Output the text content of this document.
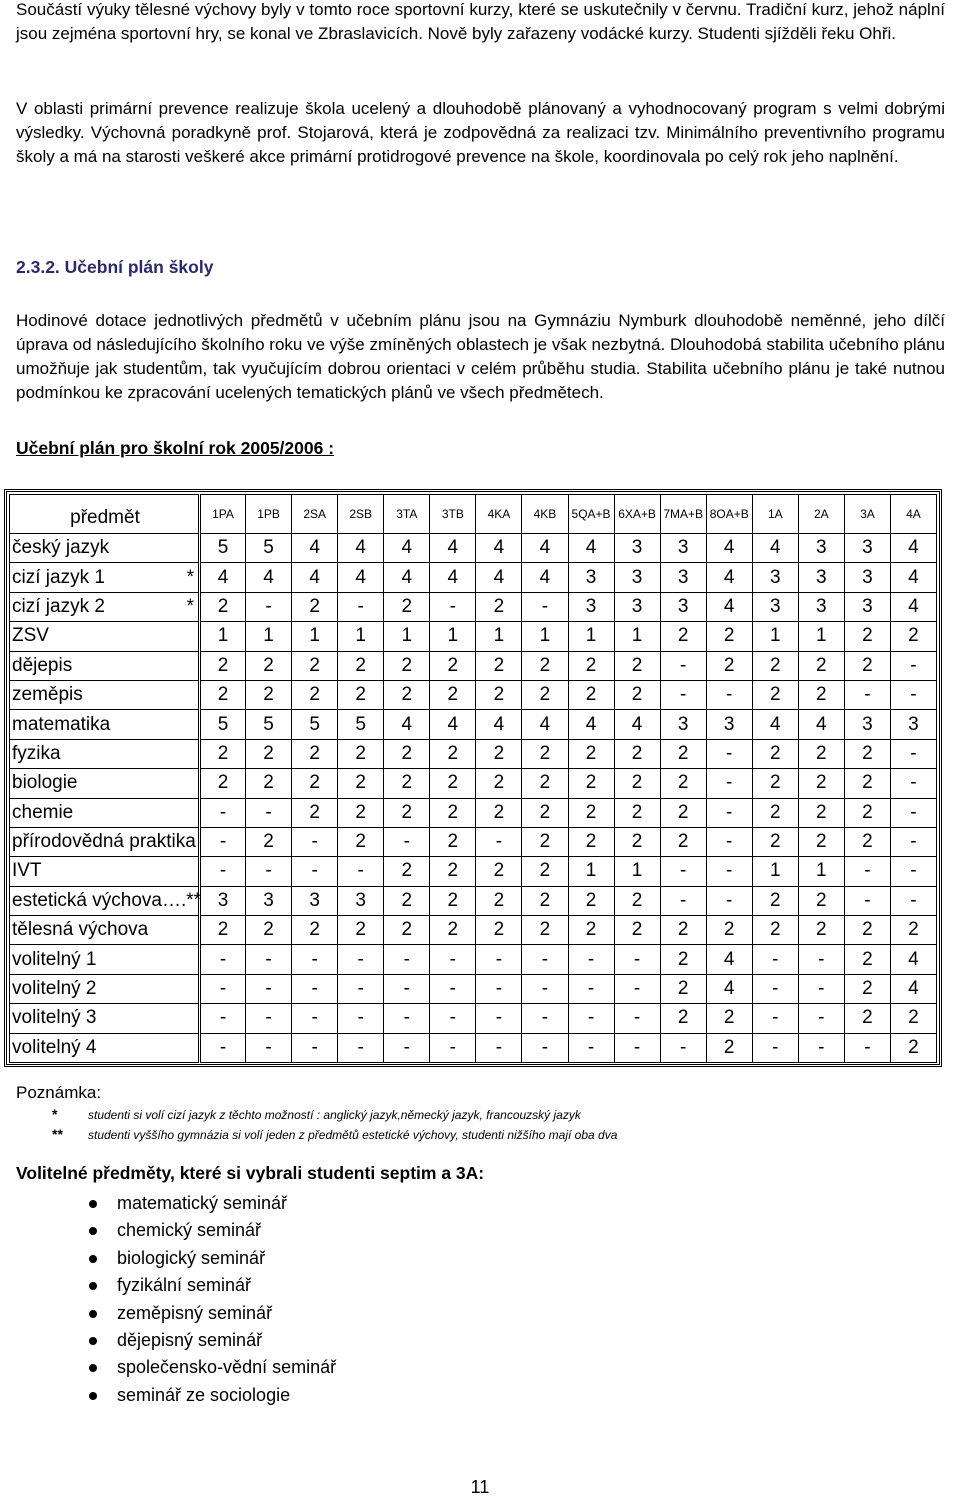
Součástí výuky tělesné výchovy byly v tomto roce sportovní kurzy, které se uskutečnily v červnu. Tradiční kurz, jehož náplní jsou zejména sportovní hry, se konal ve Zbraslavicích. Nově byly zařazeny vodácké kurzy. Studenti sjížděli řeku Ohři.

V oblasti primární prevence realizuje škola ucelený a dlouhodobě plánovaný a vyhodnocovaný program s velmi dobrými výsledky. Výchovná poradkyně prof. Stojarová, která je zodpovědná za realizaci tzv. Minimálního preventivního programu školy a má na starosti veškeré akce primární protidrogové prevence na škole, koordinovala po celý rok jeho naplnění.

2.3.2. Učební plán školy

Hodinové dotace jednotlivých předmětů v učebním plánu jsou na Gymnáziu Nymburk dlouhodobě neměnné, jeho dílčí úprava od následujícího školního roku ve výše zmíněných oblastech je však nezbytná. Dlouhodobá stabilita učebního plánu umožňuje jak studentům, tak vyučujícím dobrou orientaci v celém průběhu studia. Stabilita učebního plánu je také nutnou podmínkou ke zpracování ucelených tematických plánů ve všech předmětech.

Učební plán pro školní rok 2005/2006 :

předmět	1PA	1PB	2SA	2SB	3TA	3TB	4KA	4KB	5QA+B	6XA+B	7MA+B	8OA+B	1A	2A	3A	4A

český jazyk	5	5	4	4	4	4	4	4	4	3	3	4	4	3	3	4

cizí jazyk 1 *	4	4	4	4	4	4	4	4	3	3	3	4	3	3	3	4

cizí jazyk 2 *	2	-	2	-	2	-	2	-	3	3	3	4	3	3	3	4

ZSV	1	1	1	1	1	1	1	1	1	1	2	2	1	1	2	2

dějepis	2	2	2	2	2	2	2	2	2	2	-	2	2	2	2	-

zeměpis	2	2	2	2	2	2	2	2	2	2	-	-	2	2	-	-

matematika	5	5	5	5	4	4	4	4	4	4	3	3	4	4	3	3

fyzika	2	2	2	2	2	2	2	2	2	2	2	-	2	2	2	-

biologie	2	2	2	2	2	2	2	2	2	2	2	-	2	2	2	-

chemie	-	-	2	2	2	2	2	2	2	2	2	-	2	2	2	-

přírodovědná praktika	-	2	-	2	-	2	-	2	2	2	2	-	2	2	2	-

IVT	-	-	-	-	2	2	2	2	1	1	-	-	1	1	-	-

estetická výchova…. **	3	3	3	3	2	2	2	2	2	2	-	-	2	2	-	-

tělesná výchova	2	2	2	2	2	2	2	2	2	2	2	2	2	2	2	2

volitelný 1	-	-	-	-	-	-	-	-	-	-	2	4	-	-	2	4

volitelný 2	-	-	-	-	-	-	-	-	-	-	2	4	-	-	2	4

volitelný 3	-	-	-	-	-	-	-	-	-	-	2	2	-	-	2	2

volitelný 4	-	-	-	-	-	-	-	-	-	-	-	2	-	-	-	2
Poznámka:
*	studenti si volí cizí jazyk z těchto možností : anglický jazyk,německý jazyk, francouzský jazyk
** studenti vyššího gymnázia si volí jeden z předmětů estetické výchovy, studenti nižšího mají oba dva

Volitelné předměty, které si vybrali studenti septim a 3A:

matematický seminář
chemický seminář
biologický seminář
fyzikální seminář
zeměpisný seminář
dějepisný seminář
společensko-vědní seminář
seminář ze sociologie
11
